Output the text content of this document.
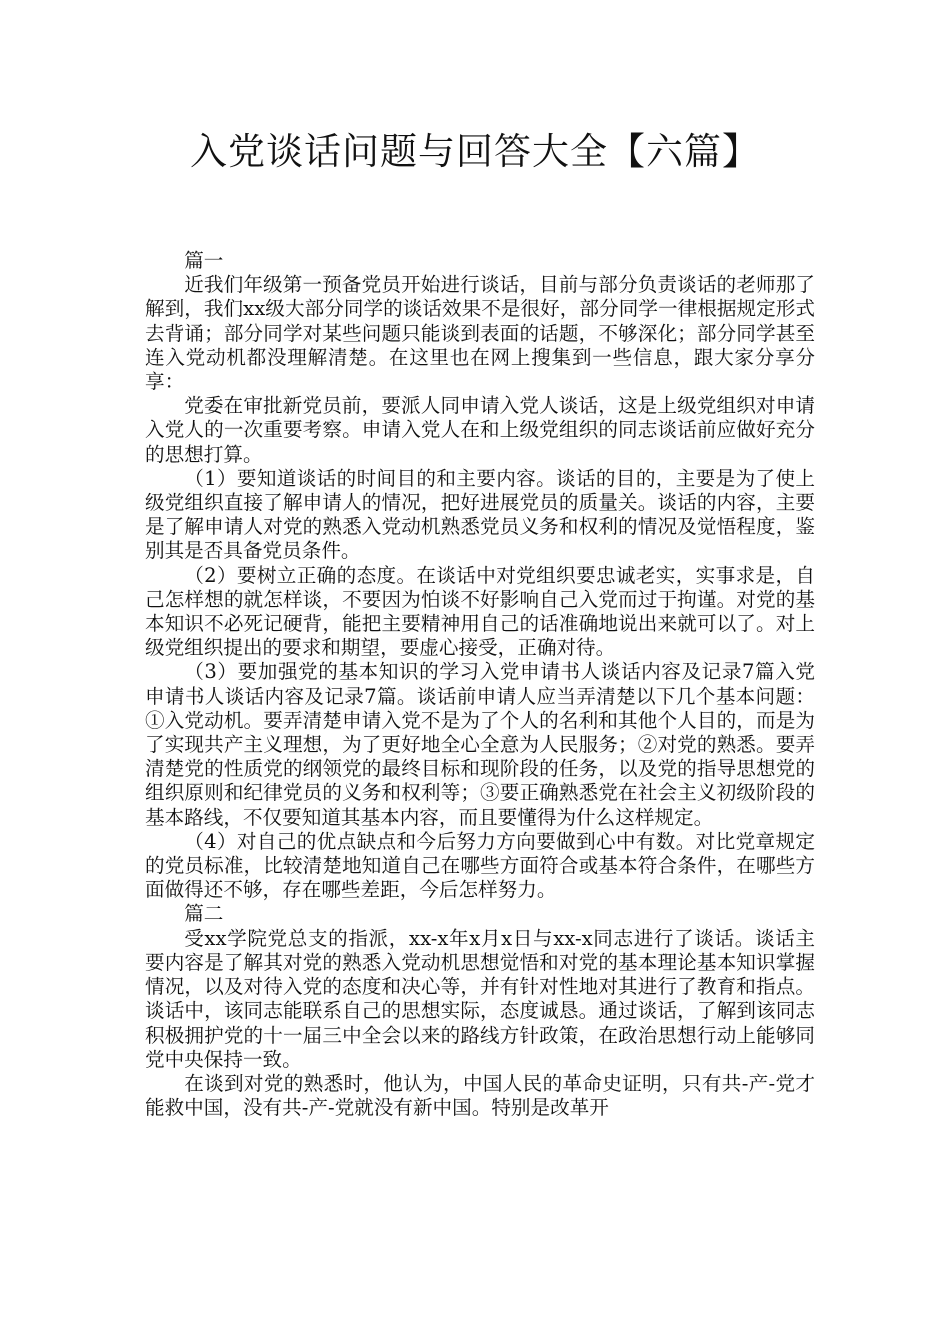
入党谈话问题与回答大全【六篇】

篇一

近我们年级第一预备党员开始进行谈话，目前与部分负责谈话的老师那了解到，我们xx级大部分同学的谈话效果不是很好，部分同学一律根据规定形式去背诵；部分同学对某些问题只能谈到表面的话题，不够深化；部分同学甚至连入党动机都没理解清楚。在这里也在网上搜集到一些信息，跟大家分享分享：

党委在审批新党员前，要派人同申请入党人谈话，这是上级党组织对申请入党人的一次重要考察。申请入党人在和上级党组织的同志谈话前应做好充分的思想打算。

（1）要知道谈话的时间目的和主要内容。谈话的目的，主要是为了使上级党组织直接了解申请人的情况，把好进展党员的质量关。谈话的内容，主要是了解申请人对党的熟悉入党动机熟悉党员义务和权利的情况及觉悟程度，鉴别其是否具备党员条件。

（2）要树立正确的态度。在谈话中对党组织要忠诚老实，实事求是，自己怎样想的就怎样谈，不要因为怕谈不好影响自己入党而过于拘谨。对党的基本知识不必死记硬背，能把主要精神用自己的话准确地说出来就可以了。对上级党组织提出的要求和期望，要虚心接受，正确对待。

（3）要加强党的基本知识的学习入党申请书人谈话内容及记录7篇入党申请书人谈话内容及记录7篇。谈话前申请人应当弄清楚以下几个基本问题：①入党动机。要弄清楚申请入党不是为了个人的名利和其他个人目的，而是为了实现共产主义理想，为了更好地全心全意为人民服务；②对党的熟悉。要弄清楚党的性质党的纲领党的最终目标和现阶段的任务，以及党的指导思想党的组织原则和纪律党员的义务和权利等；③要正确熟悉党在社会主义初级阶段的基本路线，不仅要知道其基本内容，而且要懂得为什么这样规定。

（4）对自己的优点缺点和今后努力方向要做到心中有数。对比党章规定的党员标准，比较清楚地知道自己在哪些方面符合或基本符合条件，在哪些方面做得还不够，存在哪些差距，今后怎样努力。

篇二

受xx学院党总支的指派，xx-x年x月x日与xx-x同志进行了谈话。谈话主要内容是了解其对党的熟悉入党动机思想觉悟和对党的基本理论基本知识掌握情况，以及对待入党的态度和决心等，并有针对性地对其进行了教育和指点。谈话中，该同志能联系自己的思想实际，态度诚恳。通过谈话，了解到该同志积极拥护党的十一届三中全会以来的路线方针政策，在政治思想行动上能够同党中央保持一致。

在谈到对党的熟悉时，他认为，中国人民的革命史证明，只有共-产-党才能救中国，没有共-产-党就没有新中国。特别是改革开
